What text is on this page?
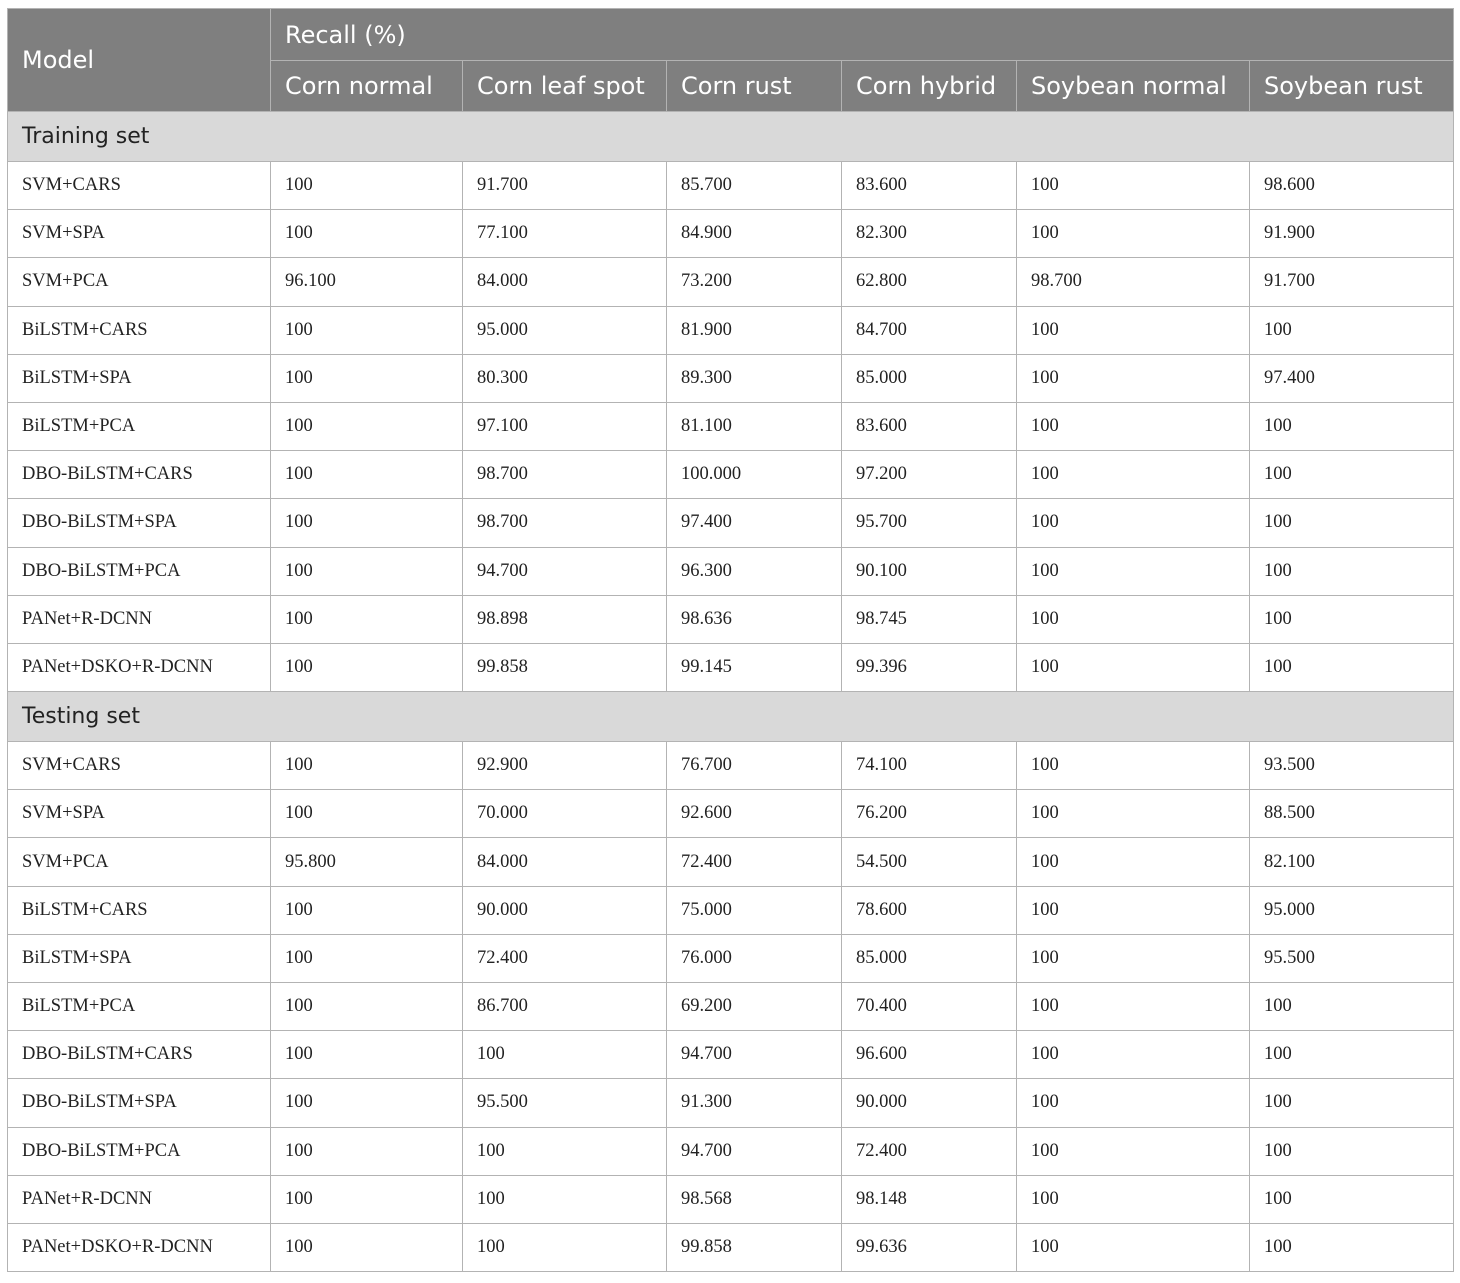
Model	Recall (%)					
	Corn normal	Corn leaf spot	Corn rust	Corn hybrid	Soybean normal	Soybean rust
Training set						
SVM+CARS	100	91.700	85.700	83.600	100	98.600
SVM+SPA	100	77.100	84.900	82.300	100	91.900
SVM+PCA	96.100	84.000	73.200	62.800	98.700	91.700
BiLSTM+CARS	100	95.000	81.900	84.700	100	100
BiLSTM+SPA	100	80.300	89.300	85.000	100	97.400
BiLSTM+PCA	100	97.100	81.100	83.600	100	100
DBO-BiLSTM+CARS	100	98.700	100.000	97.200	100	100
DBO-BiLSTM+SPA	100	98.700	97.400	95.700	100	100
DBO-BiLSTM+PCA	100	94.700	96.300	90.100	100	100
PANet+R-DCNN	100	98.898	98.636	98.745	100	100
PANet+DSKO+R-DCNN	100	99.858	99.145	99.396	100	100
Testing set						
SVM+CARS	100	92.900	76.700	74.100	100	93.500
SVM+SPA	100	70.000	92.600	76.200	100	88.500
SVM+PCA	95.800	84.000	72.400	54.500	100	82.100
BiLSTM+CARS	100	90.000	75.000	78.600	100	95.000
BiLSTM+SPA	100	72.400	76.000	85.000	100	95.500
BiLSTM+PCA	100	86.700	69.200	70.400	100	100
DBO-BiLSTM+CARS	100	100	94.700	96.600	100	100
DBO-BiLSTM+SPA	100	95.500	91.300	90.000	100	100
DBO-BiLSTM+PCA	100	100	94.700	72.400	100	100
PANet+R-DCNN	100	100	98.568	98.148	100	100
PANet+DSKO+R-DCNN	100	100	99.858	99.636	100	100
